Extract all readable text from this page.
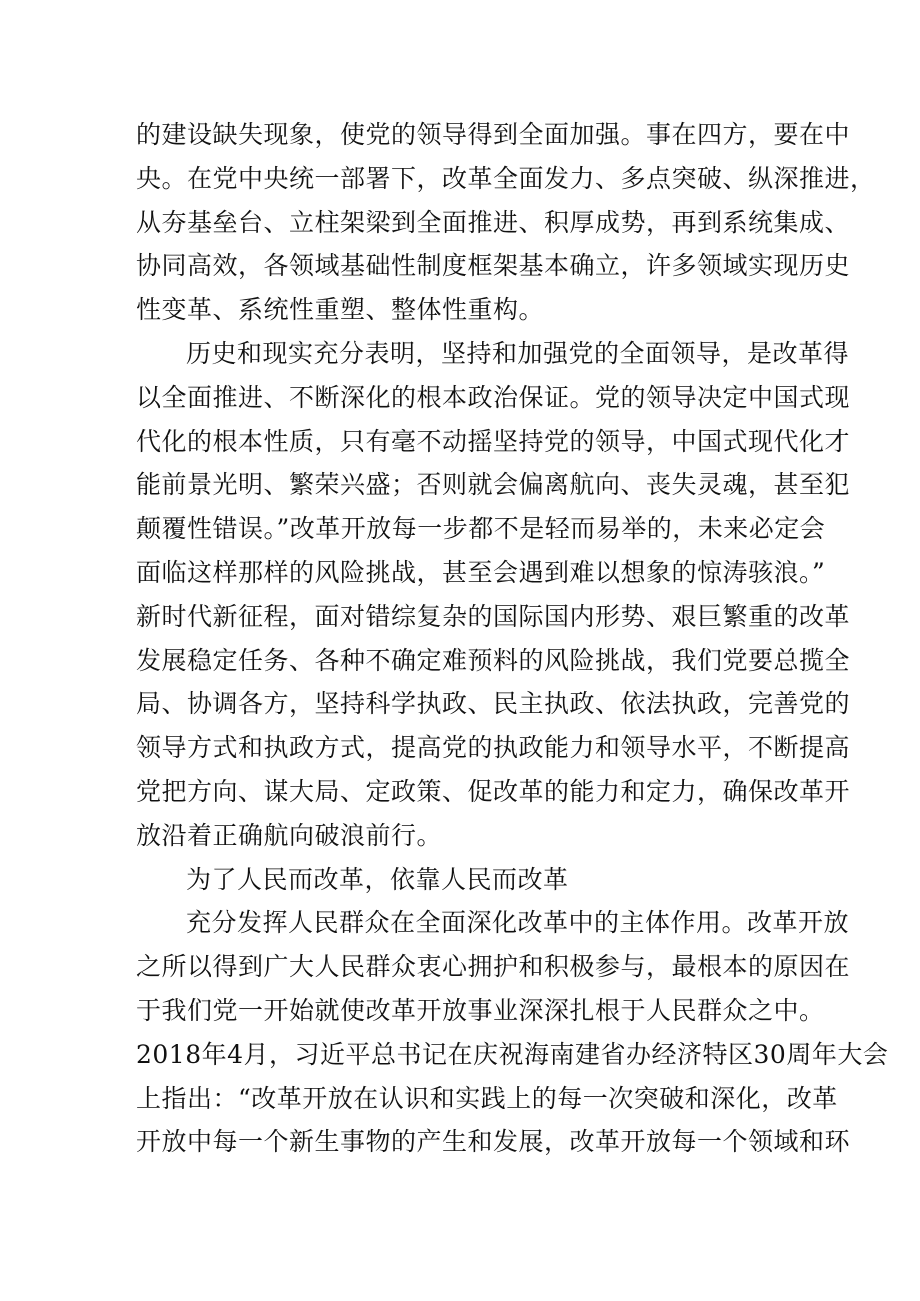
的建设缺失现象，使党的领导得到全面加强。事在四方，要在中
央。在党中央统一部署下，改革全面发力、多点突破、纵深推进，
从夯基垒台、立柱架梁到全面推进、积厚成势，再到系统集成、
协同高效，各领域基础性制度框架基本确立，许多领域实现历史
性变革、系统性重塑、整体性重构。
历史和现实充分表明，坚持和加强党的全面领导，是改革得
以全面推进、不断深化的根本政治保证。党的领导决定中国式现
代化的根本性质，只有毫不动摇坚持党的领导，中国式现代化才
能前景光明、繁荣兴盛；否则就会偏离航向、丧失灵魂，甚至犯
颠覆性错误。”改革开放每一步都不是轻而易举的，未来必定会
面临这样那样的风险挑战，甚至会遇到难以想象的惊涛骇浪。”
新时代新征程，面对错综复杂的国际国内形势、艰巨繁重的改革
发展稳定任务、各种不确定难预料的风险挑战，我们党要总揽全
局、协调各方，坚持科学执政、民主执政、依法执政，完善党的
领导方式和执政方式，提高党的执政能力和领导水平，不断提高
党把方向、谋大局、定政策、促改革的能力和定力，确保改革开
放沿着正确航向破浪前行。
为了人民而改革，依靠人民而改革
充分发挥人民群众在全面深化改革中的主体作用。改革开放
之所以得到广大人民群众衷心拥护和积极参与，最根本的原因在
于我们党一开始就使改革开放事业深深扎根于人民群众之中。
2018年4月，习近平总书记在庆祝海南建省办经济特区30周年大会
上指出：“改革开放在认识和实践上的每一次突破和深化，改革
开放中每一个新生事物的产生和发展，改革开放每一个领域和环
